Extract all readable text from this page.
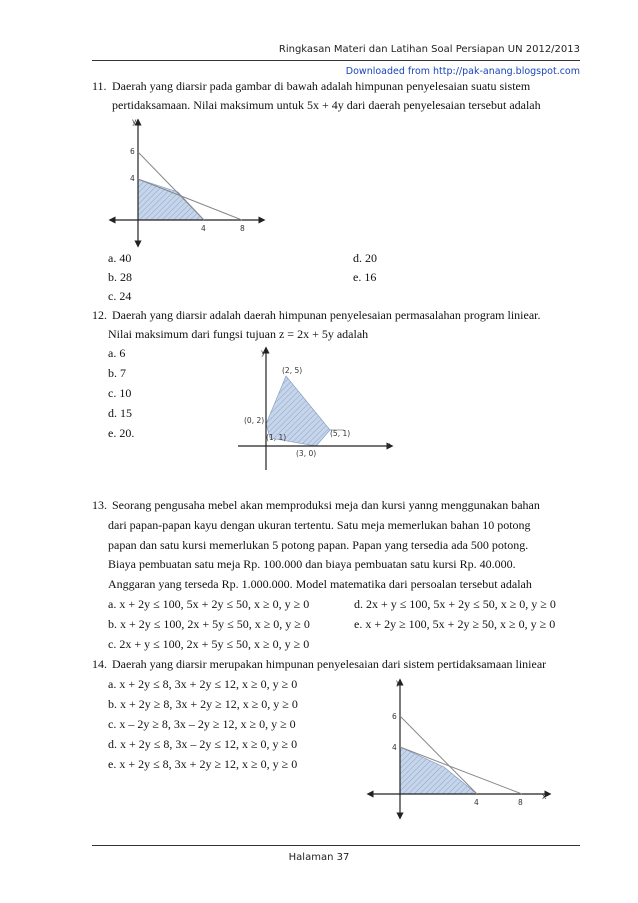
Ringkasan Materi dan Latihan Soal Persiapan UN 2012/2013
Downloaded from http://pak-anang.blogspot.com
11. Daerah yang diarsir pada gambar di bawah adalah himpunan penyelesaian suatu sistem
pertidaksamaan. Nilai maksimum untuk 5x + 4y dari daerah penyelesaian tersebut adalah
y
6
4
4	8
a. 40	d. 20
b. 28	e. 16
c. 24
12. Daerah yang diarsir adalah daerah himpunan penyelesaian permasalahan program liniear.
Nilai maksimum dari fungsi tujuan z = 2x + 5y adalah
a. 6
b. 7
c. 10
d. 15
e. 20.
y
x
(2, 5)
(0, 2)
(1, 1)	(5, 1)
(3, 0)
13. Seorang pengusaha mebel akan memproduksi meja dan kursi yanng menggunakan bahan
dari papan-papan kayu dengan ukuran tertentu. Satu meja memerlukan bahan 10 potong
papan dan satu kursi memerlukan 5 potong papan. Papan yang tersedia ada 500 potong.
Biaya pembuatan satu meja Rp. 100.000 dan biaya pembuatan satu kursi Rp. 40.000.
Anggaran yang terseda Rp. 1.000.000. Model matematika dari persoalan tersebut adalah
a. x + 2y ≤ 100, 5x + 2y ≤ 50, x ≥ 0, y ≥ 0	d. 2x + y ≤ 100, 5x + 2y ≤ 50, x ≥ 0, y ≥ 0
b. x + 2y ≤ 100, 2x + 5y ≤ 50, x ≥ 0, y ≥ 0	e. x + 2y ≥ 100, 5x + 2y ≥ 50, x ≥ 0, y ≥ 0
c. 2x + y ≤ 100, 2x + 5y ≤ 50, x ≥ 0, y ≥ 0
14. Daerah yang diarsir merupakan himpunan penyelesaian dari sistem pertidaksamaan liniear
a. x + 2y ≤ 8, 3x + 2y ≤ 12, x ≥ 0, y ≥ 0
b. x + 2y ≥ 8, 3x + 2y ≥ 12, x ≥ 0, y ≥ 0
c. x – 2y ≥ 8, 3x – 2y ≥ 12, x ≥ 0, y ≥ 0
d. x + 2y ≤ 8, 3x – 2y ≤ 12, x ≥ 0, y ≥ 0
e. x + 2y ≤ 8, 3x + 2y ≥ 12, x ≥ 0, y ≥ 0
y
x
6
4
4	8
Halaman 37
